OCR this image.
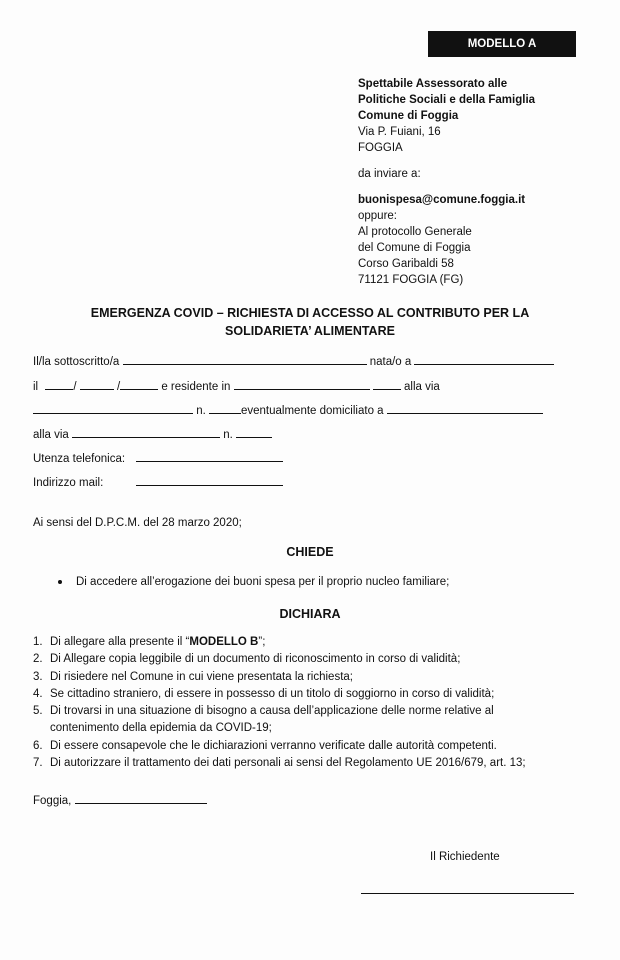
MODELLO A
Spettabile Assessorato alle
Politiche Sociali e della Famiglia
Comune di Foggia
Via P. Fuiani, 16
FOGGIA
da inviare a:
buonispesa@comune.foggia.it
oppure:
Al protocollo Generale
del Comune di Foggia
Corso Garibaldi 58
71121 FOGGIA (FG)
EMERGENZA COVID – RICHIESTA DI ACCESSO AL CONTRIBUTO PER LA
SOLIDARIETA’ ALIMENTARE
Il/la sottoscritto/a	nata/o a
il	/	/	e residente in	alla via
n.	eventualmente domiciliato a
alla via	n.
Utenza telefonica:
Indirizzo mail:
Ai sensi del D.P.C.M. del 28 marzo 2020;
CHIEDE
Di accedere all’erogazione dei buoni spesa per il proprio nucleo familiare;
DICHIARA
1. Di allegare alla presente il “MODELLO B”;
2. Di Allegare copia leggibile di un documento di riconoscimento in corso di validità;
3. Di risiedere nel Comune in cui viene presentata la richiesta;
4. Se cittadino straniero, di essere in possesso di un titolo di soggiorno in corso di validità;
5. Di trovarsi in una situazione di bisogno a causa dell’applicazione delle norme relative al
contenimento della epidemia da COVID-19;
6. Di essere consapevole che le dichiarazioni verranno verificate dalle autorità competenti.
7. Di autorizzare il trattamento dei dati personali ai sensi del Regolamento UE 2016/679, art. 13;
Foggia,
Il Richiedente
